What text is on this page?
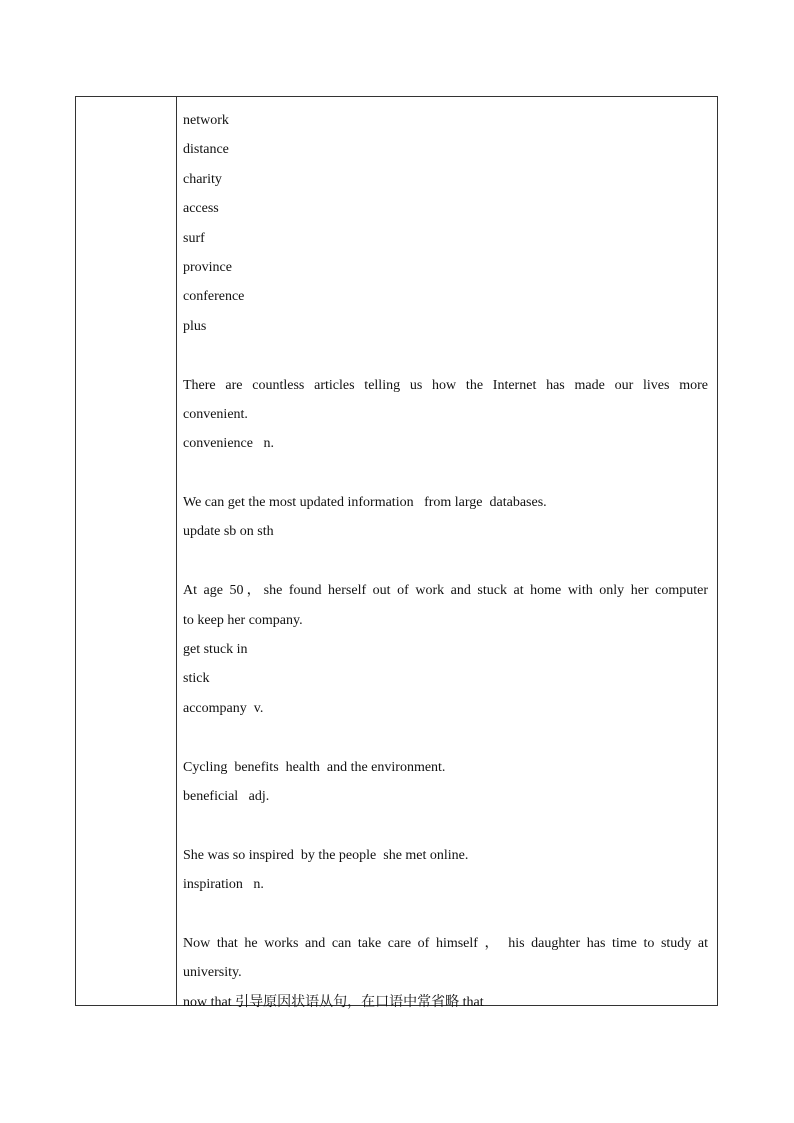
network
distance
charity
access
surf
province
conference
plus
There are countless articles telling us how the Internet has made our lives more
convenient.
convenience   n.
We can get the most updated information   from large  databases.
update sb on sth
At age 50，she found herself out of work and stuck at home with only her computer
to keep her company.
get stuck in
stick
accompany  v.
Cycling  benefits  health  and the environment.
beneficial   adj.
She was so inspired  by the people  she met online.
inspiration   n.
Now that he works and can take care of himself ， his daughter has time to study at
university.
now that 引导原因状语从句，在口语中常省略 that
